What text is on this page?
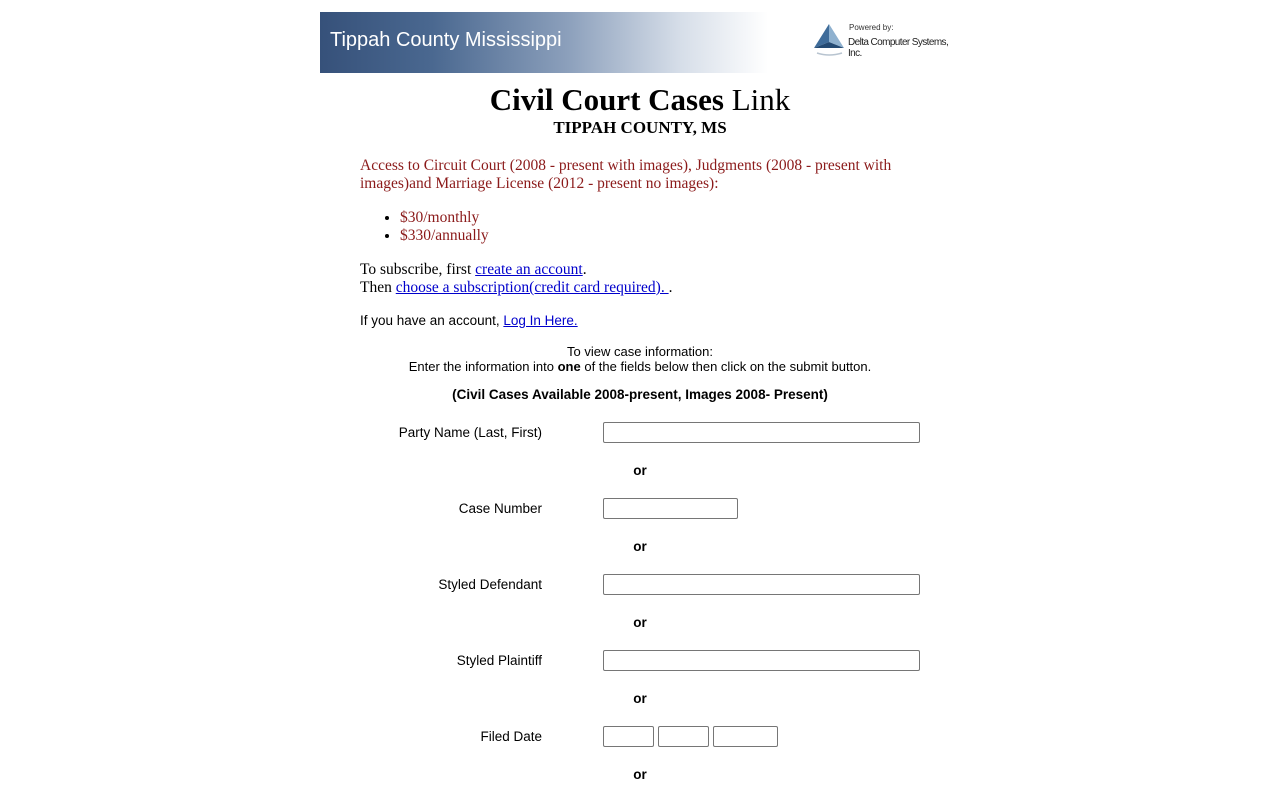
Tippah County Mississippi
Powered by:
Delta Computer Systems, Inc.
Civil Court Cases Link
TIPPAH COUNTY, MS
Access to Circuit Court (2008 - present with images), Judgments (2008 - present with images)and Marriage License (2012 - present no images):
• $30/monthly
• $330/annually
To subscribe, first create an account.
Then choose a subscription(credit card required). .
If you have an account, Log In Here.
To view case information:
Enter the information into one of the fields below then click on the submit button.
(Civil Cases Available 2008-present, Images 2008- Present)
Party Name (Last, First)
or
Case Number
or
Styled Defendant
or
Styled Plaintiff
or
Filed Date
or
